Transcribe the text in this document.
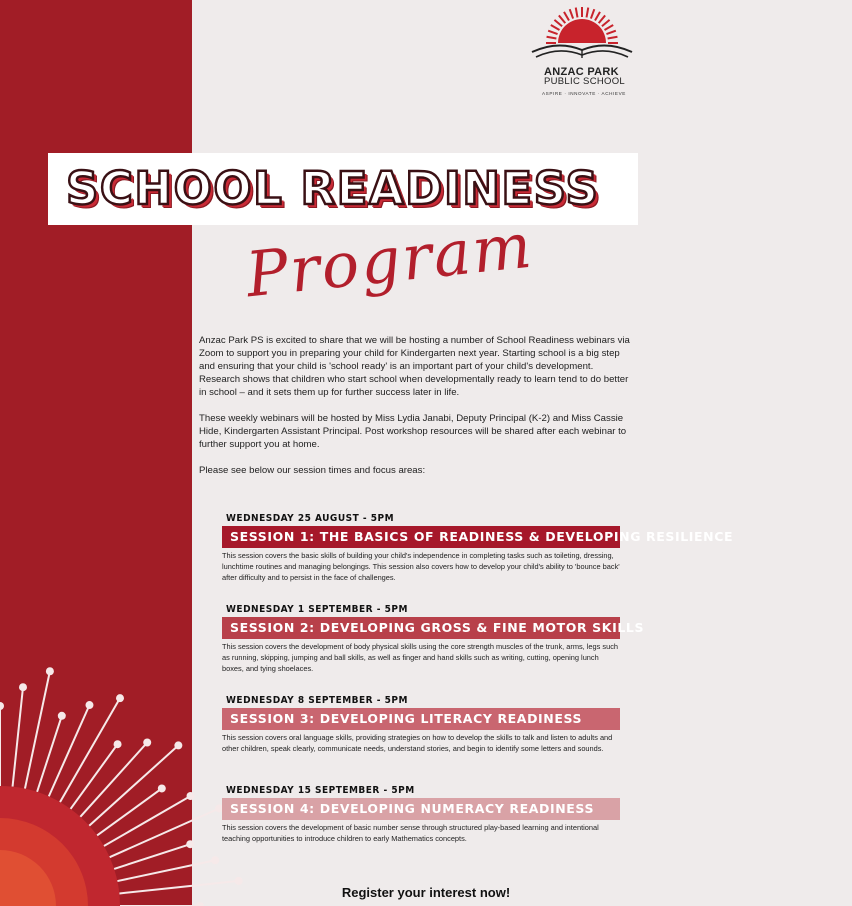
ANZAC PARK
PUBLIC SCHOOL
ASPIRE · INNOVATE · ACHIEVE
SCHOOL READINESS
Program

Anzac Park PS is excited to share that we will be hosting a number of School Readiness webinars via Zoom to support you in preparing your child for Kindergarten next year. Starting school is a big step and ensuring that your child is 'school ready' is an important part of your child's development. Research shows that children who start school when developmentally ready to learn tend to do better in school – and it sets them up for further success later in life.

These weekly webinars will be hosted by Miss Lydia Janabi, Deputy Principal (K-2) and Miss Cassie Hide, Kindergarten Assistant Principal. Post workshop resources will be shared after each webinar to further support you at home.

Please see below our session times and focus areas:

WEDNESDAY 25 AUGUST - 5PM
SESSION 1: THE BASICS OF READINESS & DEVELOPING RESILIENCE
This session covers the basic skills of building your child's independence in completing tasks such as toileting, dressing, lunchtime routines and managing belongings. This session also covers how to develop your child's ability to 'bounce back' after difficulty and to persist in the face of challenges.
WEDNESDAY 1 SEPTEMBER - 5PM
SESSION 2: DEVELOPING GROSS & FINE MOTOR SKILLS
This session covers the development of body physical skills using the core strength muscles of the trunk, arms, legs such as running, skipping, jumping and ball skills, as well as finger and hand skills such as writing, cutting, opening lunch boxes, and tying shoelaces.
WEDNESDAY 8 SEPTEMBER - 5PM
SESSION 3: DEVELOPING LITERACY READINESS
This session covers oral language skills, providing strategies on how to develop the skills to talk and listen to adults and other children, speak clearly, communicate needs, understand stories, and begin to identify some letters and sounds.
WEDNESDAY 15 SEPTEMBER - 5PM
SESSION 4: DEVELOPING NUMERACY READINESS
This session covers the development of basic number sense through structured play-based learning and intentional teaching opportunities to introduce children to early Mathematics concepts.
Register your interest now!
